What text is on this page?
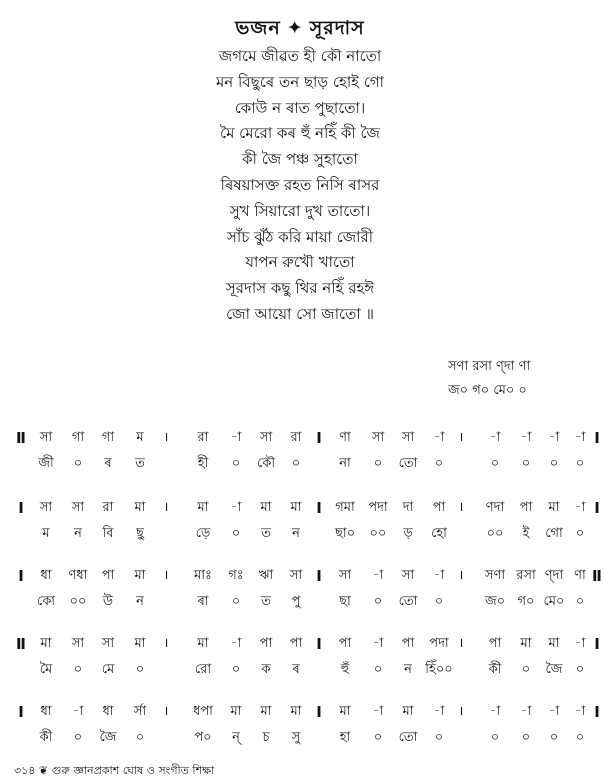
ভজন ✦ সূরদাস
জগমে জীৱত হী কৌ নাতো
মন বিছুৰে তন ছাড় হোই গো
কোউ ন ৰাত পুছাতো।
মৈ মেরো কৰ হুঁ নহিঁ কী জৈ
কী জৈ পঞ্চ সুহাতো
ৰিষয়াসক্ত রহত নিসি ৰাসর
সুখ সিয়ারো দুখ তাতো।
সাঁচ ঝুঁঠ করি মায়া জোরী
যাপন রুখৌ খাতো
সূরদাস কছু থির নহিঁ রহঈ
জো আয়ো সো জাতো ॥
সণা রসা ণ্দা ণা
জ০ গ০ মে০ ০
Ⅱ	সা	গা	গা	ম	।	রা	-া	সা	রা I	ণা	সা	সা	-া	।	-া	-া	-া	-া I
জী	০	ৰ	ত	হী	০	কৌ	০	না	০	তো	০	০	০	০	০
I	সা	সা	রা	মা	।	মা	-া	মা	মা I	গমা	পদা	দা	পা	।	ণদা	পা	মা	-া I
ম	ন	বি	ছু	ড়ে	০	ত	ন	ছা০	০০	ড়	হো	০০	ই	গো ০
I	ধা	ণধা	পা	মা	।	মাঃ	গঃ	ঋা	সা I	সা	-া	সা	-া	।	সণা রসা ণ্দা ণা Ⅱ
কো	০০	উ	ন	ৰা	০	ত	পু	ছা	০	তো	০	জ০ গ০ মে০ ০
Ⅱ	মা	সা	সা	মা	।	মা	-া	পা	পা I	পা	-া	পা	পদা ।	পা	মা	মা	-া I
মৈ	০	মে	০	রো	০	ক	ৰ	হুঁ	০	ন	হিঁ০০	কী	০	জৈ	০
I	ধা	-া	ধা	র্সা	।	ধপা	মা	মা	মা I	মা	-া	মা	-া	।	-া	-া	-া	-া I
কী	০	জৈ	০	প০	ন্	চ	সু	হা	০	তো	০	০	০	০	০
৩১৪ ❦ গুরু জ্ঞানপ্রকাশ ঘোষ ও সংগীত শিক্ষা
